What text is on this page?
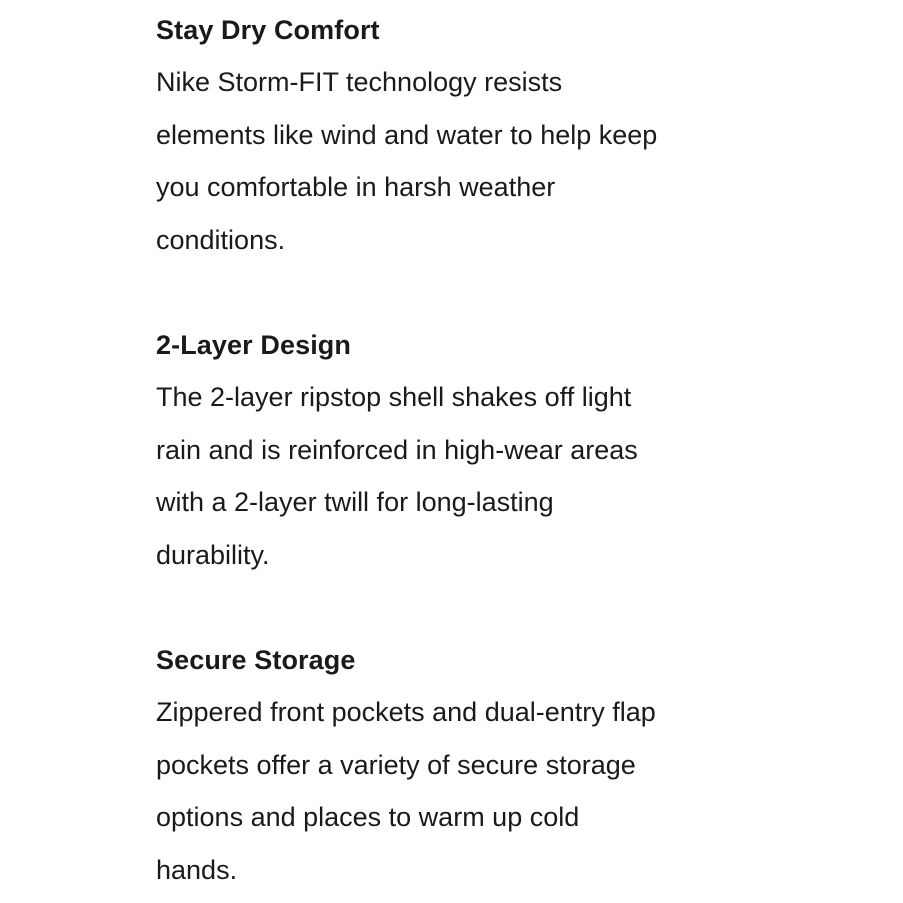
Stay Dry Comfort

Nike Storm-FIT technology resists
elements like wind and water to help keep
you comfortable in harsh weather
conditions.

2-Layer Design

The 2-layer ripstop shell shakes off light
rain and is reinforced in high-wear areas
with a 2-layer twill for long-lasting
durability.

Secure Storage

Zippered front pockets and dual-entry flap
pockets offer a variety of secure storage
options and places to warm up cold
hands.
